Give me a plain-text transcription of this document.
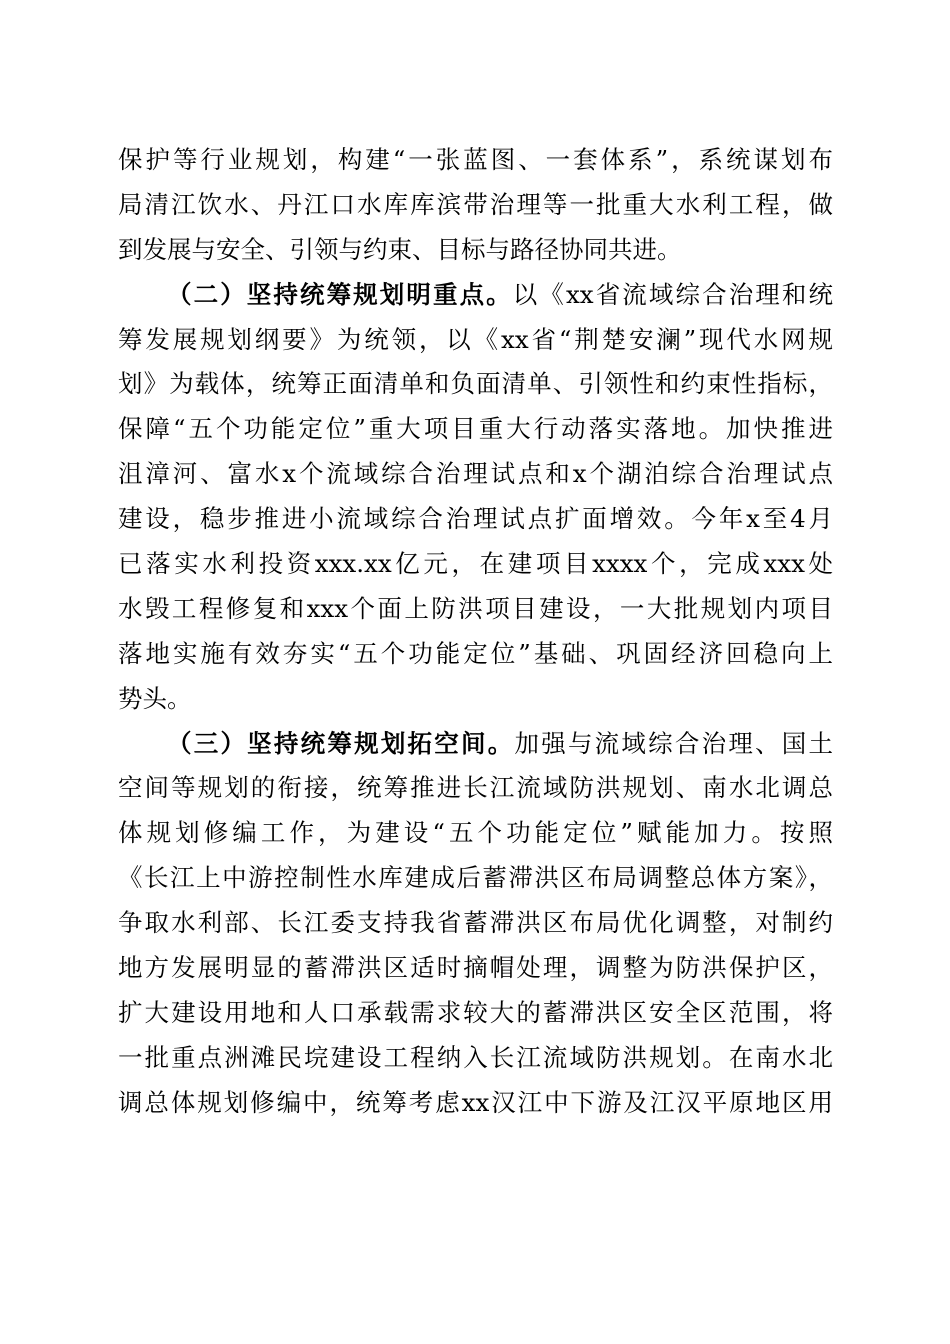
保护等行业规划，构建“一张蓝图、一套体系”，系统谋划布
局清江饮水、丹江口水库库滨带治理等一批重大水利工程，做
到发展与安全、引领与约束、目标与路径协同共进。
（二）坚持统筹规划明重点。以《xx省流域综合治理和统
筹发展规划纲要》为统领，以《xx省“荆楚安澜”现代水网规
划》为载体，统筹正面清单和负面清单、引领性和约束性指标，
保障“五个功能定位”重大项目重大行动落实落地。加快推进
沮漳河、富水x个流域综合治理试点和x个湖泊综合治理试点
建设，稳步推进小流域综合治理试点扩面增效。今年x至4月
已落实水利投资xxx.xx亿元，在建项目xxxx个，完成xxx处
水毁工程修复和xxx个面上防洪项目建设，一大批规划内项目
落地实施有效夯实“五个功能定位”基础、巩固经济回稳向上
势头。
（三）坚持统筹规划拓空间。加强与流域综合治理、国土
空间等规划的衔接，统筹推进长江流域防洪规划、南水北调总
体规划修编工作，为建设“五个功能定位”赋能加力。按照
《长江上中游控制性水库建成后蓄滞洪区布局调整总体方案》，
争取水利部、长江委支持我省蓄滞洪区布局优化调整，对制约
地方发展明显的蓄滞洪区适时摘帽处理，调整为防洪保护区，
扩大建设用地和人口承载需求较大的蓄滞洪区安全区范围，将
一批重点洲滩民垸建设工程纳入长江流域防洪规划。在南水北
调总体规划修编中，统筹考虑xx汉江中下游及江汉平原地区用
